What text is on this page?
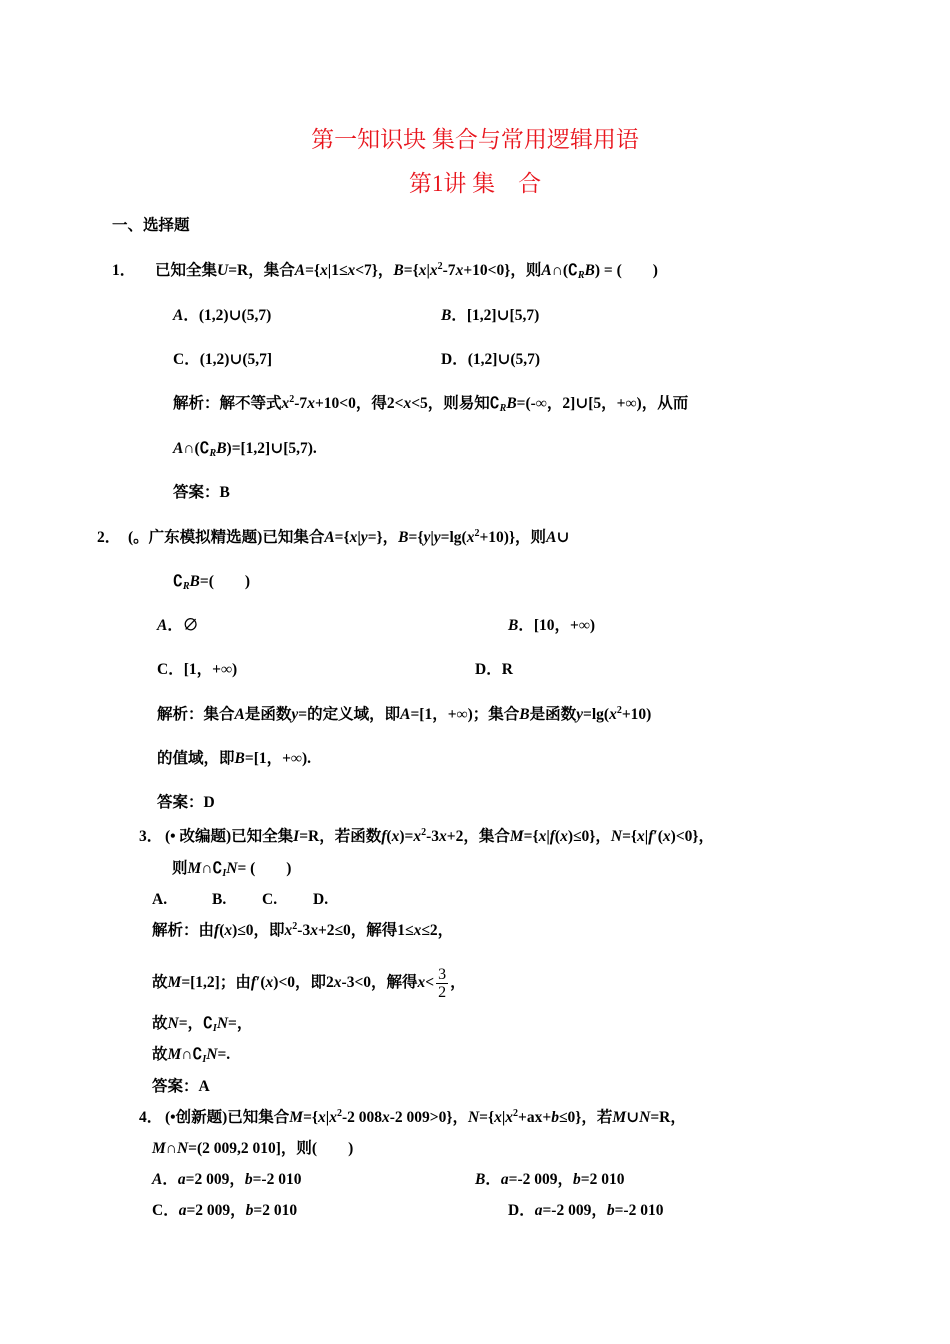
第一知识块 集合与常用逻辑用语
第1讲 集　合
一、选择题
1． 已知全集U=R，集合A={x|1≤x<7}，$B=\{x|x^2-7x+10<0\}$，则$A\cap(∁_RB)$ = (　　)
A．(1,2)∪(5,7)	B．[1,2]∪[5,7)
C．(1,2)∪(5,7]	D．(1,2]∪(5,7)
解析：解不等式$x^2-7x+10<0$，得2<x<5，则易知$∁_RB=(-\infty$，2]∪[5，+∞)，从而
$A\cap(∁_RB)=[1,2]\cup[5,7)$.
答案：B
2． (。广东模拟精选题)已知集合A={x|y=}，$B=\{y|y=\lg(x^2+10)\}$，则A∪
$∁_RB=$(　　)
A．∅	B．[10，+∞)
C．[1，+∞)	D．R
解析：集合A是函数y=的定义域，即A=[1，+∞)；集合B是函数$y=\lg(x^2+10)$
的值域，即B=[1，+∞).
答案：D
3． (• 改编题)已知全集I=R，若函数$f(x)=x^2-3x+2$，集合M={x|f(x)≤0}，N={x|f′(x)<0}，
则$M\cap∁_IN=$ (　　)
A.	B. C. D.
解析：由f(x)≤0，即$x^2-3x+2\le 0$，解得1≤x≤2，
故M=[1,2]；由f′(x)<0，即2x-3<0，解得$x< \frac{3}{2}$ ，
故N=，$∁_IN=$，
故$M\cap∁_IN=$.
答案：A
4． (•创新题)已知集合$M=\{x|x^2-2$ 008x-2 009>0}，$N=\{x|x^2+ax+b\le 0\}$，若M∪N=R，
M∩N=(2 009,2 010]，则(　　)
A．a=2 009，b=-2 010	B．a=-2 009，b=2 010
C．a=2 009，b=2 010	D．a=-2 009，b=-2 010
